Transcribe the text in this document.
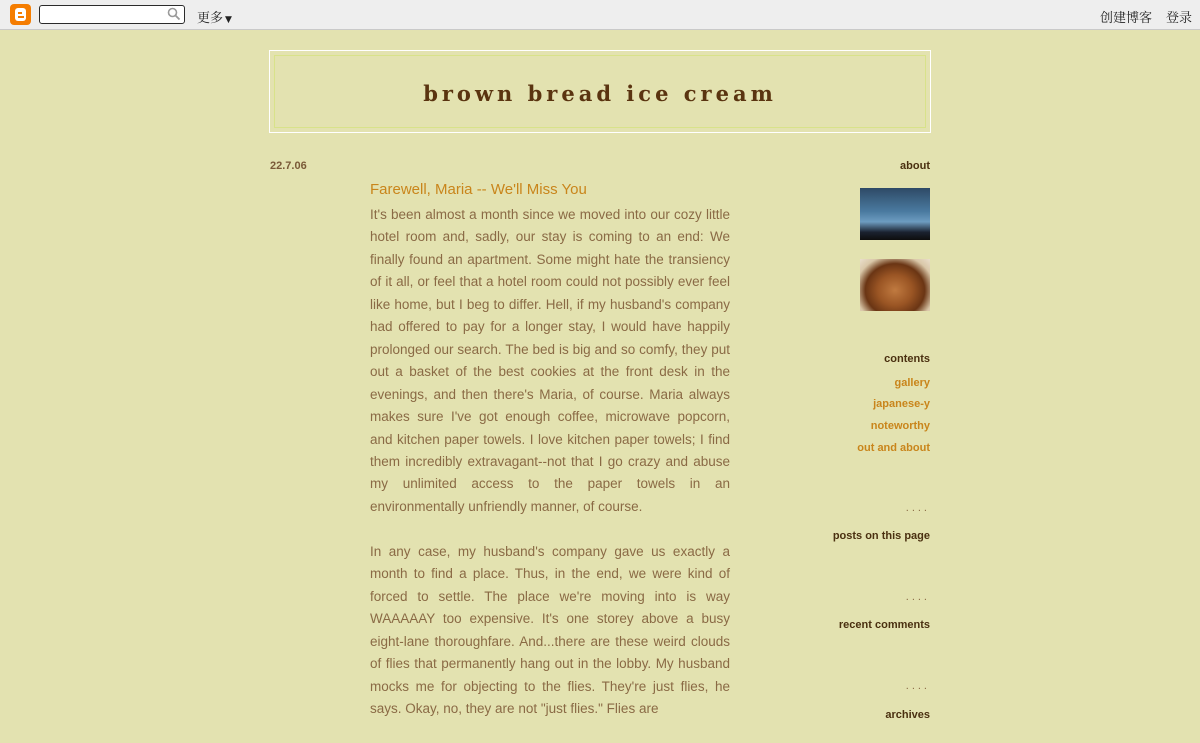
更多 ▼	创建博客 登录
brown bread ice cream
22.7.06
Farewell, Maria -- We'll Miss You

It's been almost a month since we moved into our cozy little hotel room and, sadly, our stay is coming to an end: We finally found an apartment. Some might hate the transiency of it all, or feel that a hotel room could not possibly ever feel like home, but I beg to differ. Hell, if my husband's company had offered to pay for a longer stay, I would have happily prolonged our search. The bed is big and so comfy, they put out a basket of the best cookies at the front desk in the evenings, and then there's Maria, of course. Maria always makes sure I've got enough coffee, microwave popcorn, and kitchen paper towels. I love kitchen paper towels; I find them incredibly extravagant--not that I go crazy and abuse my unlimited access to the paper towels in an environmentally unfriendly manner, of course.

In any case, my husband's company gave us exactly a month to find a place. Thus, in the end, we were kind of forced to settle. The place we're moving into is way WAAAAAY too expensive. It's one storey above a busy eight-lane thoroughfare. And...there are these weird clouds of flies that permanently hang out in the lobby. My husband mocks me for objecting to the flies. They're just flies, he says. Okay, no, they are not "just flies." Flies are

about
contents
gallery
japanese-y
noteworthy
out and about
....
posts on this page
....
recent comments
....
archives
